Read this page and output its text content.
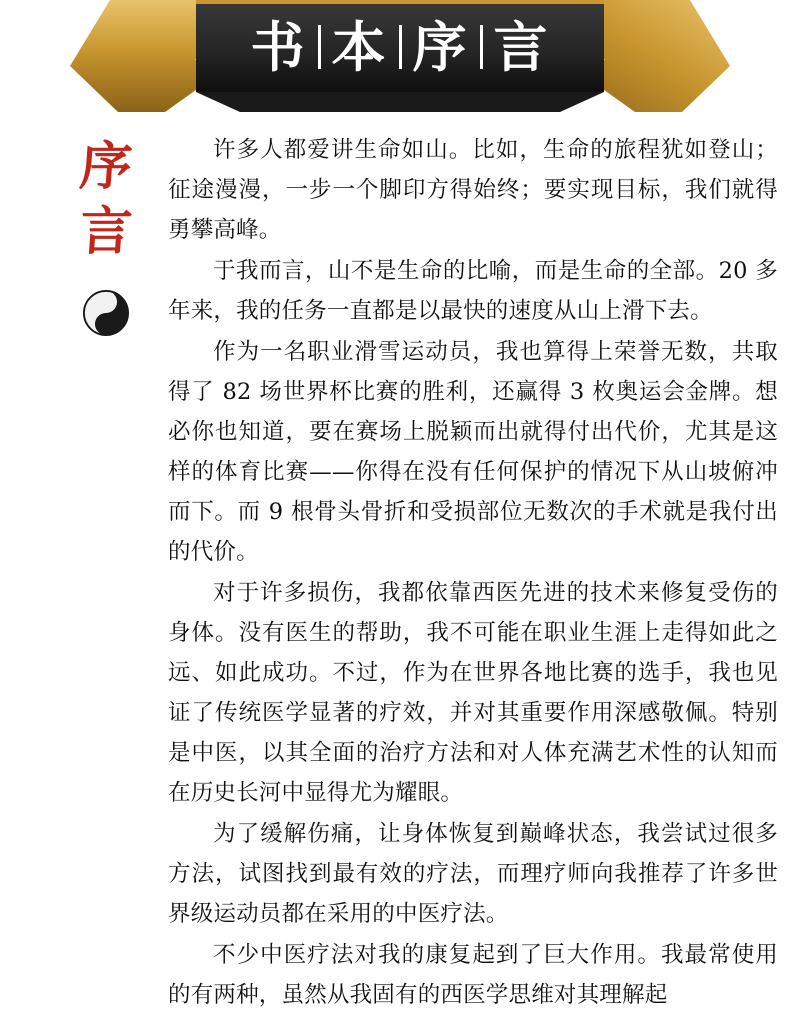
书 本 序 言
序
言

许多人都爱讲生命如山。比如，生命的旅程犹如登山；征途漫漫，一步一个脚印方得始终；要实现目标，我们就得勇攀高峰。

于我而言，山不是生命的比喻，而是生命的全部。20 多年来，我的任务一直都是以最快的速度从山上滑下去。

作为一名职业滑雪运动员，我也算得上荣誉无数，共取得了 82 场世界杯比赛的胜利，还赢得 3 枚奥运会金牌。想必你也知道，要在赛场上脱颖而出就得付出代价，尤其是这样的体育比赛——你得在没有任何保护的情况下从山坡俯冲而下。而 9 根骨头骨折和受损部位无数次的手术就是我付出的代价。

对于许多损伤，我都依靠西医先进的技术来修复受伤的身体。没有医生的帮助，我不可能在职业生涯上走得如此之远、如此成功。不过，作为在世界各地比赛的选手，我也见证了传统医学显著的疗效，并对其重要作用深感敬佩。特别是中医，以其全面的治疗方法和对人体充满艺术性的认知而在历史长河中显得尤为耀眼。

为了缓解伤痛，让身体恢复到巅峰状态，我尝试过很多方法，试图找到最有效的疗法，而理疗师向我推荐了许多世界级运动员都在采用的中医疗法。

不少中医疗法对我的康复起到了巨大作用。我最常使用的有两种，虽然从我固有的西医学思维对其理解起
